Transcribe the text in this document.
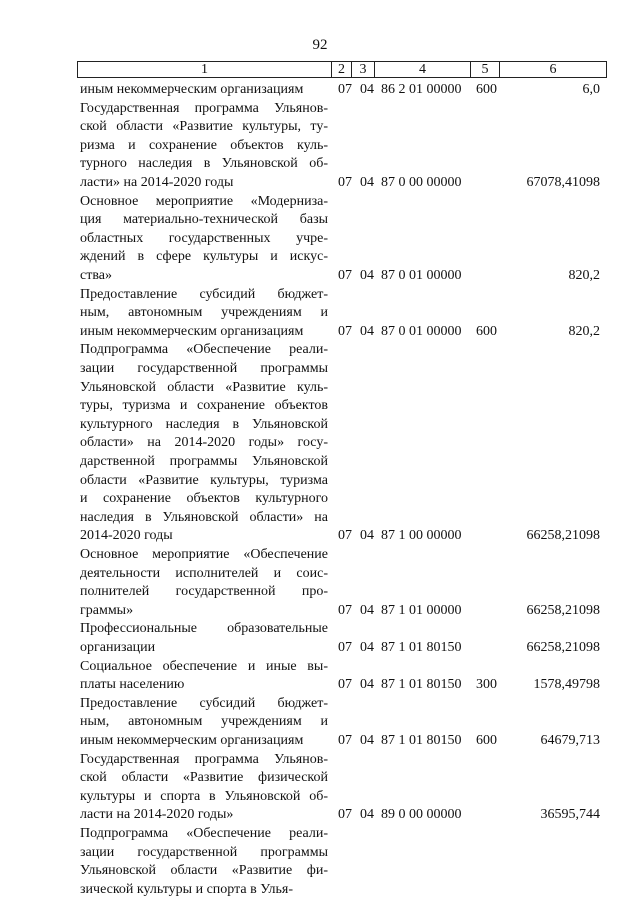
92
1	2	3	4	5	6
иным некоммерческим организациям	07 04 86 2 01 00000 600	6,0
Государственная программа Ульянов-
ской области «Развитие культуры, ту-
ризма и сохранение объектов куль-
турного наследия в Ульяновской об-
ласти» на 2014-2020 годы	07 04 87 0 00 00000	67078,41098
Основное мероприятие «Модерниза-
ция материально-технической базы
областных государственных учре-
ждений в сфере культуры и искус-
ства»	07 04 87 0 01 00000	820,2
Предоставление субсидий бюджет-
ным, автономным учреждениям и
иным некоммерческим организациям	07 04 87 0 01 00000 600	820,2
Подпрограмма «Обеспечение реали-
зации государственной программы
Ульяновской области «Развитие куль-
туры, туризма и сохранение объектов
культурного наследия в Ульяновской
области» на 2014-2020 годы» госу-
дарственной программы Ульяновской
области «Развитие культуры, туризма
и сохранение объектов культурного
наследия в Ульяновской области» на
2014-2020 годы	07 04 87 1 00 00000	66258,21098
Основное мероприятие «Обеспечение
деятельности исполнителей и соис-
полнителей государственной про-
граммы»	07 04 87 1 01 00000	66258,21098
Профессиональные образовательные
организации	07 04 87 1 01 80150	66258,21098
Социальное обеспечение и иные вы-
платы населению	07 04 87 1 01 80150 300	1578,49798
Предоставление субсидий бюджет-
ным, автономным учреждениям и
иным некоммерческим организациям	07 04 87 1 01 80150 600	64679,713
Государственная программа Ульянов-
ской области «Развитие физической
культуры и спорта в Ульяновской об-
ласти на 2014-2020 годы»	07 04 89 0 00 00000	36595,744
Подпрограмма «Обеспечение реали-
зации государственной программы
Ульяновской области «Развитие фи-
зической культуры и спорта в Улья-
